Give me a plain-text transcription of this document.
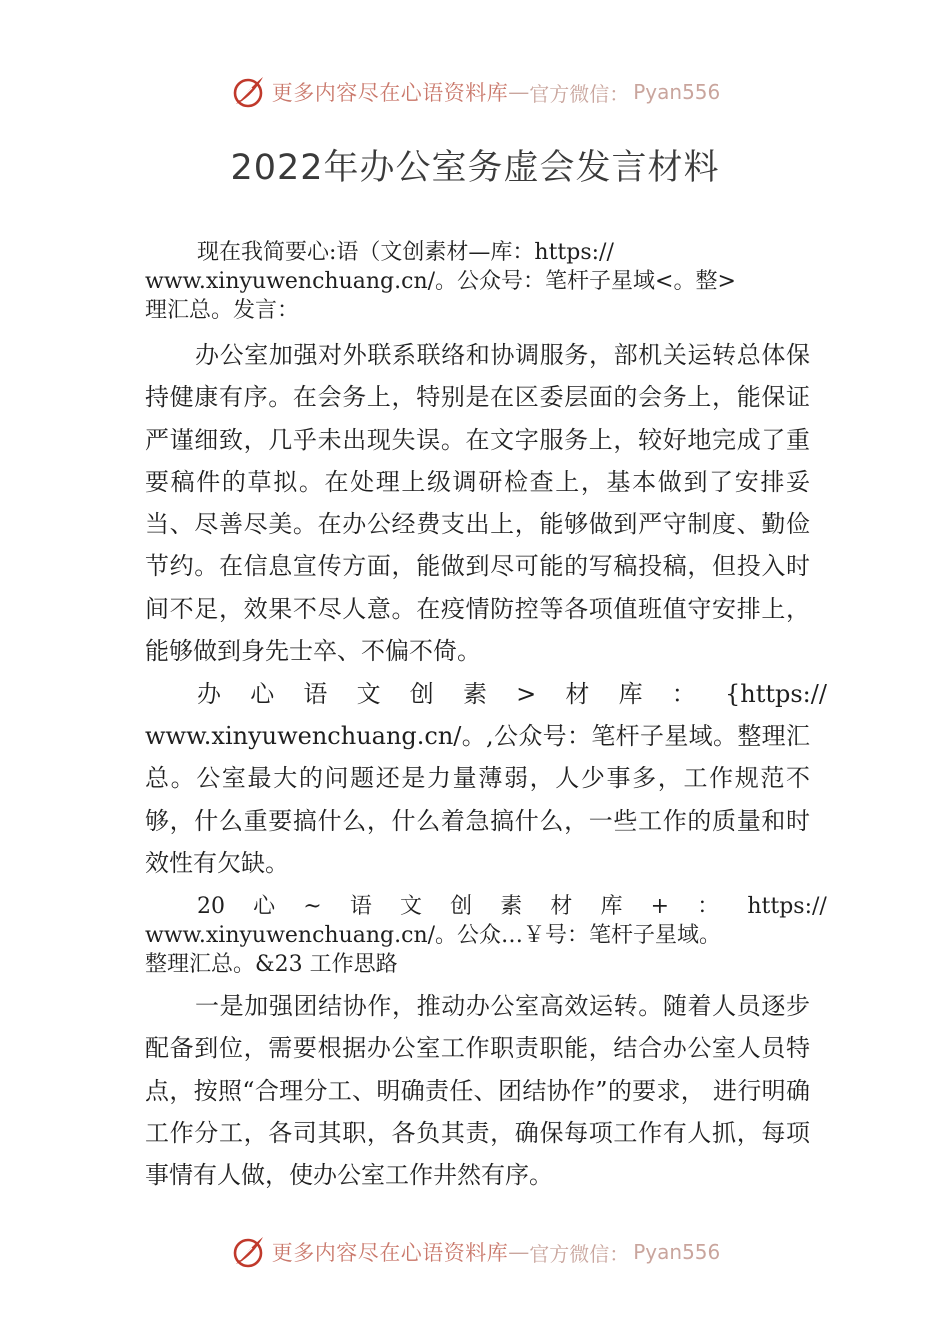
更多内容尽在心语资料库 — 官方微信： Pyan556
2022年办公室务虚会发言材料

现在我简要心:语（文创素材—库：https://
www.xinyuwenchuang.cn/。公众号：笔杆子星域<。整>
理汇总。发言：

办公室加强对外联系联络和协调服务，部机关运转总体保持健康有序。在会务上，特别是在区委层面的会务上，能保证严谨细致，几乎未出现失误。在文字服务上，较好地完成了重要稿件的草拟。在处理上级调研检查上，基本做到了安排妥当、尽善尽美。在办公经费支出上，能够做到严守制度、勤俭节约。在信息宣传方面，能做到尽可能的写稿投稿，但投入时间不足，效果不尽人意。在疫情防控等各项值班值守安排上，能够做到身先士卒、不偏不倚。

办 心 语 文 创 素 > 材 库 ： {https://

www.xinyuwenchuang.cn/。,公众号：笔杆子星域。整理汇总。公室最大的问题还是力量薄弱，人少事多，工作规范不够，什么重要搞什么，什么着急搞什么，一些工作的质量和时效性有欠缺。

20 心 ~ 语 文 创 素 材 库 + ： https://
www.xinyuwenchuang.cn/。公众…￥号：笔杆子星域。
整理汇总。&23 工作思路

一是加强团结协作，推动办公室高效运转。随着人员逐步配备到位，需要根据办公室工作职责职能，结合办公室人员特点，按照“合理分工、明确责任、团结协作”的要求， 进行明确工作分工，各司其职，各负其责，确保每项工作有人抓，每项事情有人做，使办公室工作井然有序。

更多内容尽在心语资料库 — 官方微信： Pyan556
